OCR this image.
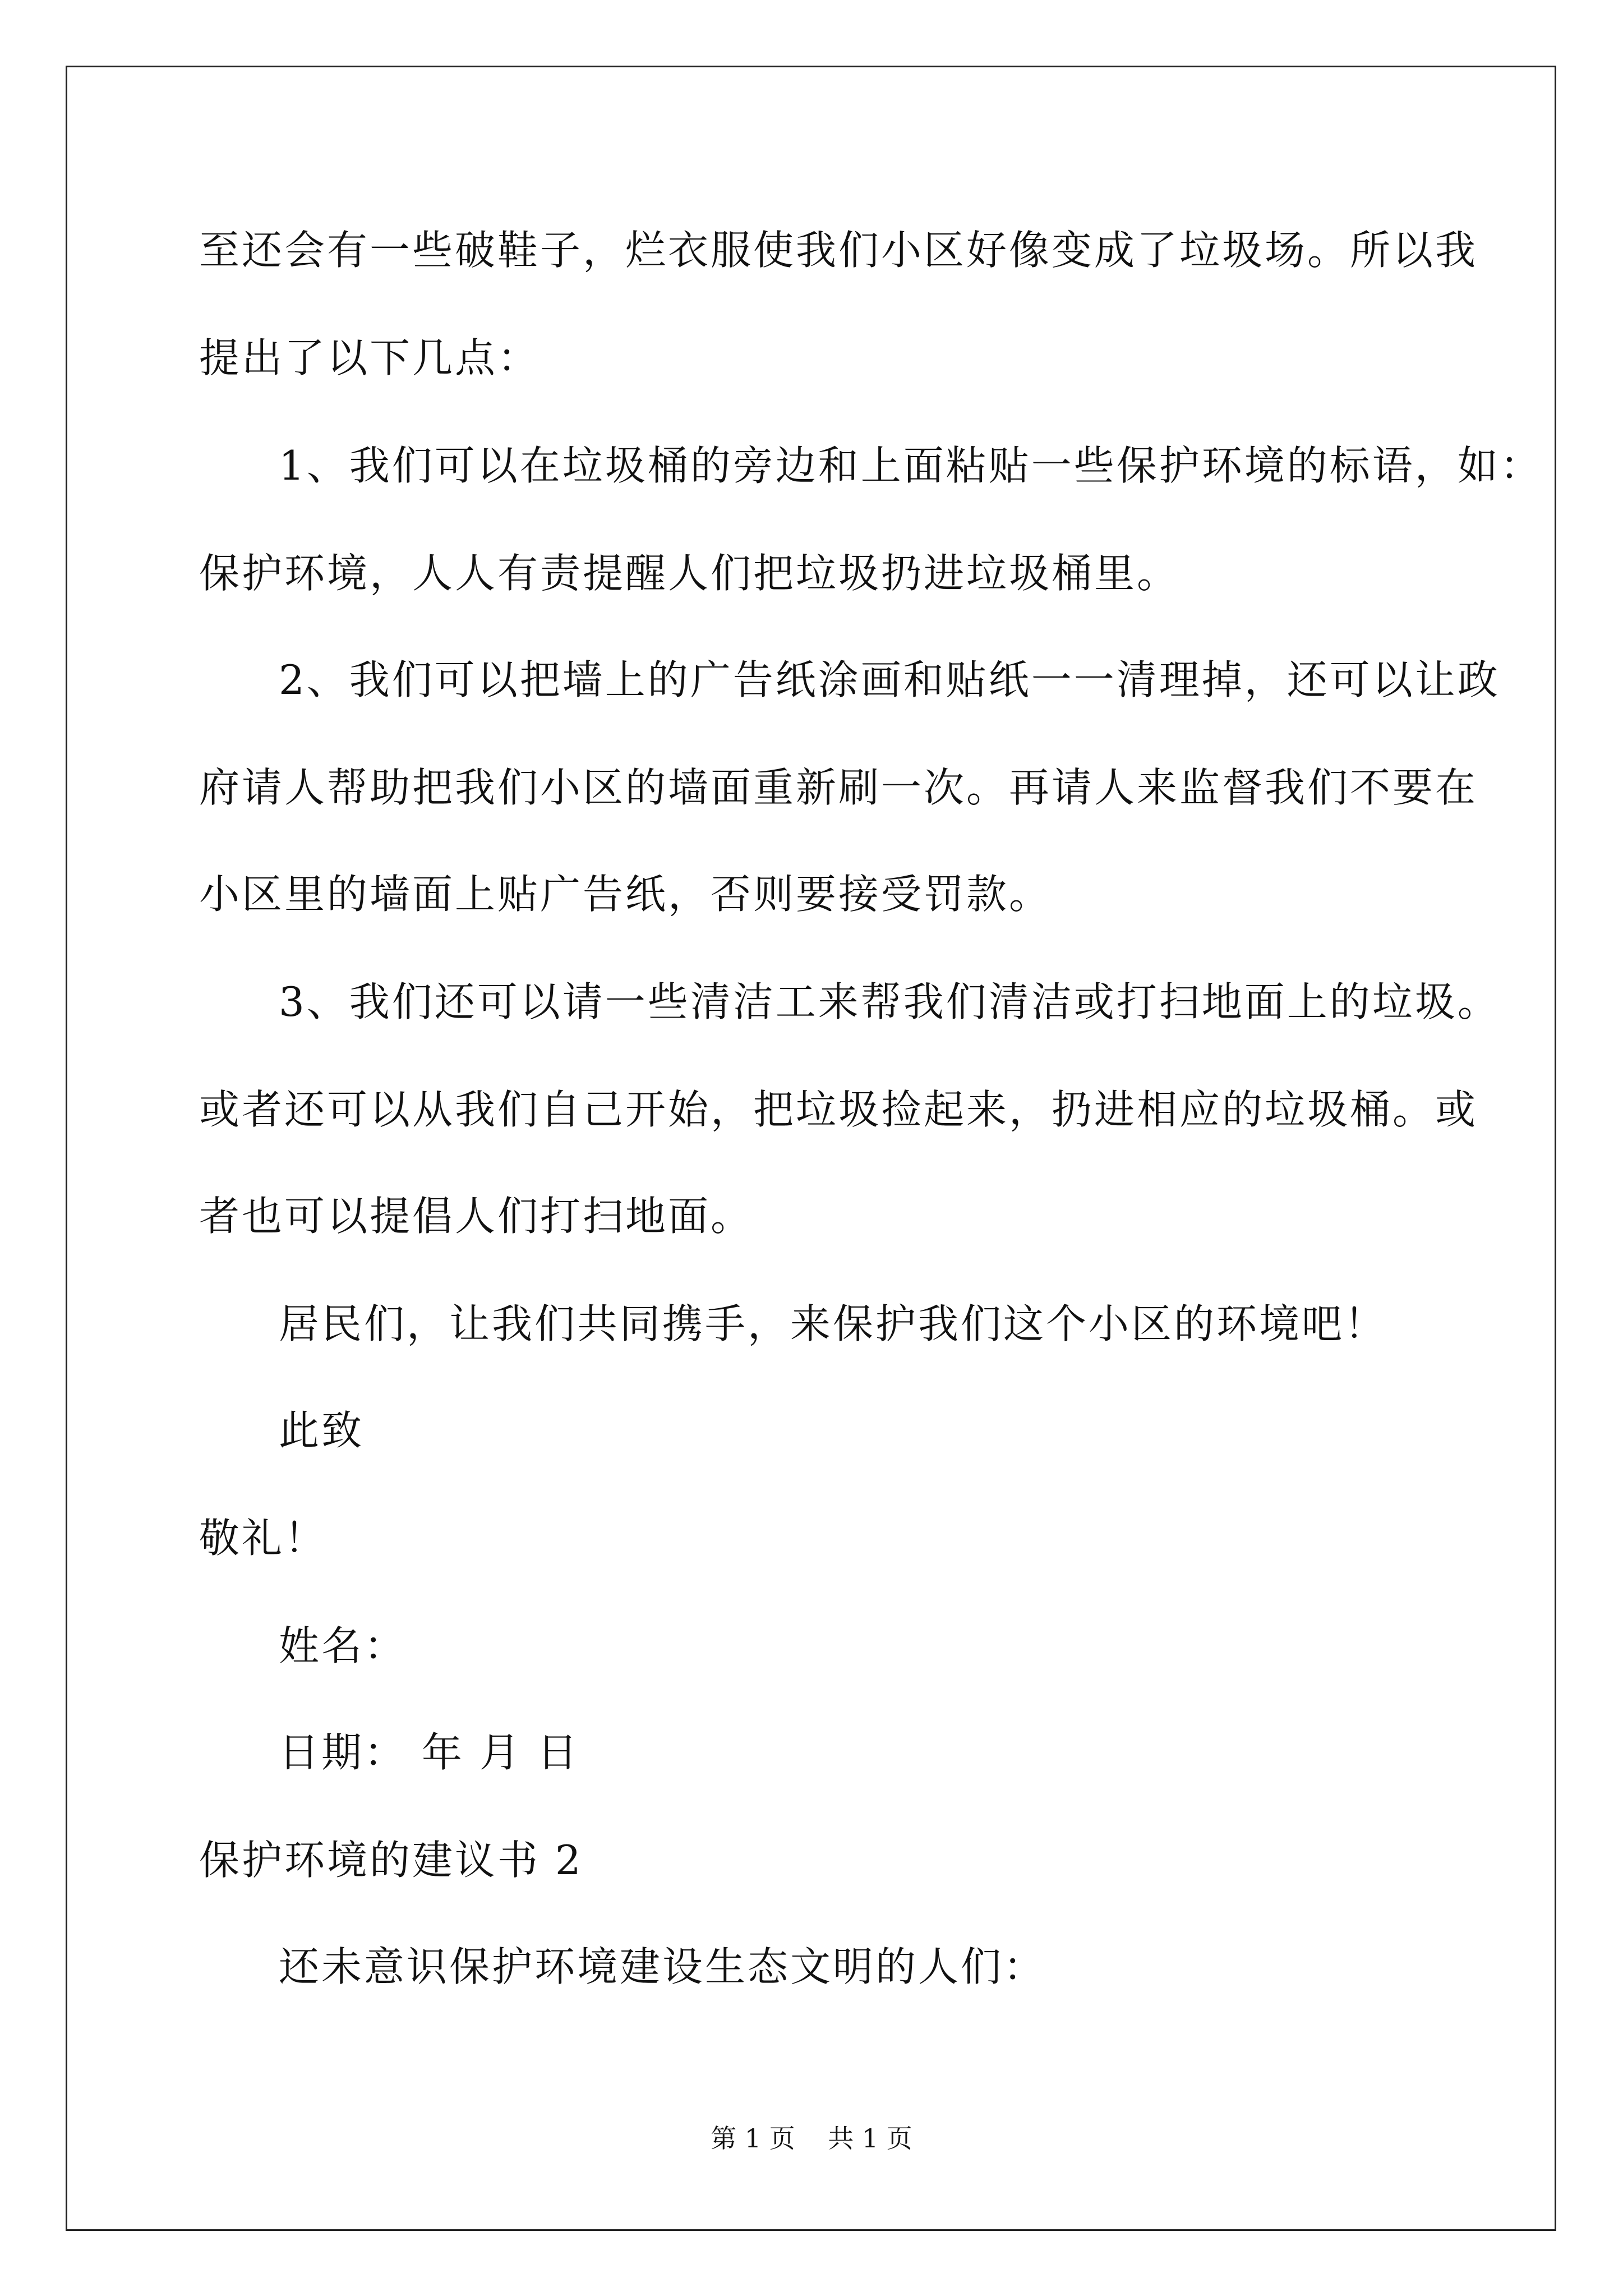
至还会有一些破鞋子，烂衣服使我们小区好像变成了垃圾场。所以我
提出了以下几点：
1、我们可以在垃圾桶的旁边和上面粘贴一些保护环境的标语，如：
保护环境，人人有责提醒人们把垃圾扔进垃圾桶里。
2、我们可以把墙上的广告纸涂画和贴纸一一清理掉，还可以让政
府请人帮助把我们小区的墙面重新刷一次。再请人来监督我们不要在
小区里的墙面上贴广告纸，否则要接受罚款。
3、我们还可以请一些清洁工来帮我们清洁或打扫地面上的垃圾。
或者还可以从我们自己开始，把垃圾捡起来，扔进相应的垃圾桶。或
者也可以提倡人们打扫地面。
居民们，让我们共同携手，来保护我们这个小区的环境吧！
此致
敬礼！
姓名：
日期： 年 月 日
保护环境的建议书 2
还未意识保护环境建设生态文明的人们：
第 1 页    共 1 页
